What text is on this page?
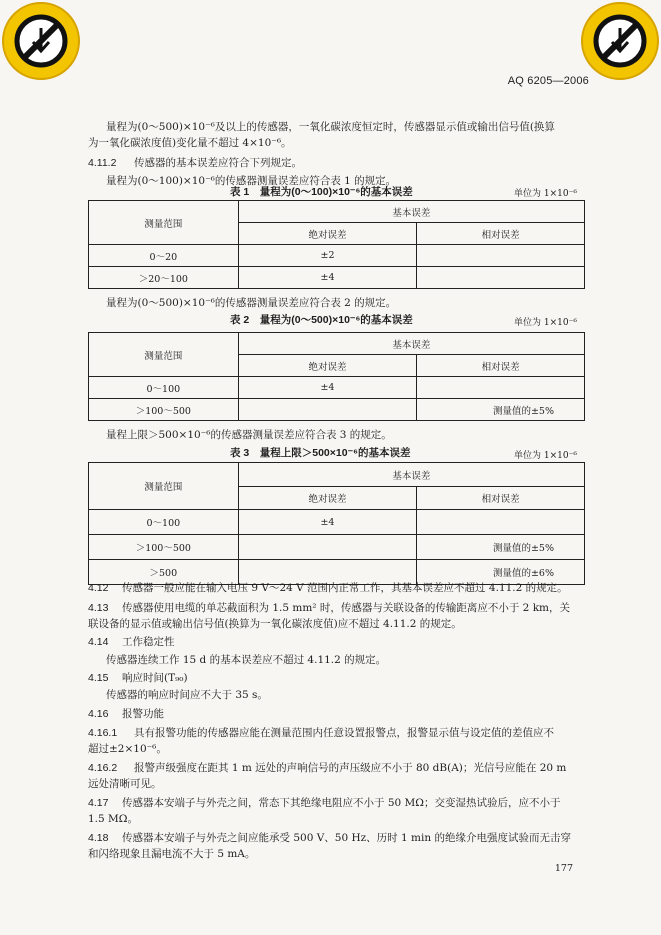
AQ 6205—2006
量程为(0～500)×10⁻⁶及以上的传感器，一氧化碳浓度恒定时，传感器显示值或输出信号值(换算
为一氧化碳浓度值)变化量不超过 4×10⁻⁶。
4.11.2 传感器的基本误差应符合下列规定。
量程为(0～100)×10⁻⁶的传感器测量误差应符合表 1 的规定。
表 1　量程为(0～100)×10⁻⁶的基本误差	单位为 1×10⁻⁶
测量范围	基本误差	
	绝对误差	相对误差
0～20	±2	
＞20～100	±4	
量程为(0～500)×10⁻⁶的传感器测量误差应符合表 2 的规定。
表 2　量程为(0～500)×10⁻⁶的基本误差	单位为 1×10⁻⁶
测量范围	基本误差	
	绝对误差	相对误差
0～100	±4	
＞100～500		测量值的±5%
量程上限＞500×10⁻⁶的传感器测量误差应符合表 3 的规定。
表 3　量程上限＞500×10⁻⁶的基本误差	单位为 1×10⁻⁶
测量范围	基本误差	
	绝对误差	相对误差
0～100	±4	
＞100～500		测量值的±5%
＞500		测量值的±6%
4.12 传感器一般应能在输入电压 9 V～24 V 范围内正常工作，其基本误差应不超过 4.11.2 的规定。
4.13 传感器使用电缆的单芯截面积为 1.5 mm² 时，传感器与关联设备的传输距离应不小于 2 km，关
联设备的显示值或输出信号值(换算为一氧化碳浓度值)应不超过 4.11.2 的规定。
4.14 工作稳定性
传感器连续工作 15 d 的基本误差应不超过 4.11.2 的规定。
4.15 响应时间(T₉₀)
传感器的响应时间应不大于 35 s。
4.16 报警功能
4.16.1 具有报警功能的传感器应能在测量范围内任意设置报警点，报警显示值与设定值的差值应不
超过±2×10⁻⁶。
4.16.2 报警声级强度在距其 1 m 远处的声响信号的声压级应不小于 80 dB(A)；光信号应能在 20 m
远处清晰可见。
4.17 传感器本安端子与外壳之间，常态下其绝缘电阻应不小于 50 MΩ；交变湿热试验后，应不小于
1.5 MΩ。
4.18 传感器本安端子与外壳之间应能承受 500 V、50 Hz、历时 1 min 的绝缘介电强度试验而无击穿
和闪络现象且漏电流不大于 5 mA。
177
